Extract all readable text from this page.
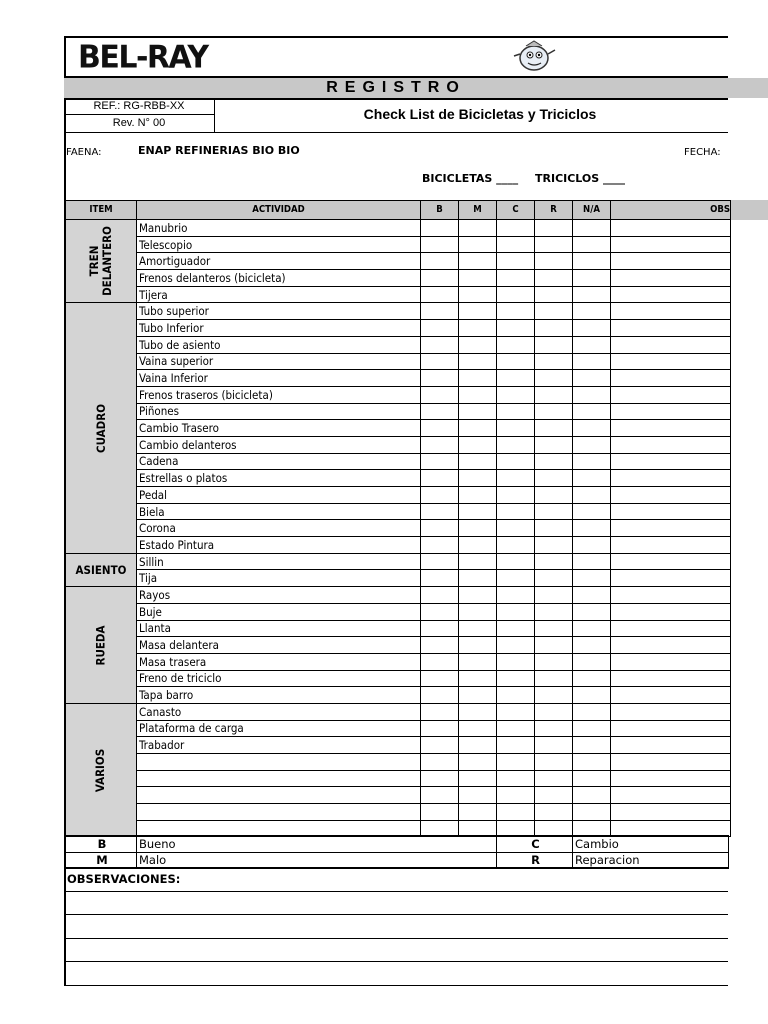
BEL-RAY
REGISTRO
REF.: RG-RBB-XX
Rev. N° 00
Check List de Bicicletas y Triciclos
FAENA:	ENAP REFINERIAS BIO BIO	FECHA:
BICICLETAS ____ TRICICLOS ____
ITEM	ACTIVIDAD	B	M	C	R	N/A	OBS

TREN DELANTERO	Manubrio						
	Telescopio						
	Amortiguador						
	Frenos delanteros (bicicleta)						
	Tijera						
CUADRO	Tubo superior						
	Tubo Inferior						
	Tubo de asiento						
	Vaina superior						
	Vaina Inferior						
	Frenos traseros (bicicleta)						
	Piñones						
	Cambio Trasero						
	Cambio delanteros						
	Cadena						
	Estrellas o platos						
	Pedal						
	Biela						
	Corona						
	Estado Pintura						
ASIENTO	Sillin						
	Tija						
RUEDA	Rayos						
	Buje						
	Llanta						
	Masa delantera						
	Masa trasera						
	Freno de triciclo						
	Tapa barro						
VARIOS	Canasto						
	Plataforma de carga						
	Trabador						

B	Bueno	C	Cambio
M	Malo	R	Reparacion
OBSERVACIONES:
